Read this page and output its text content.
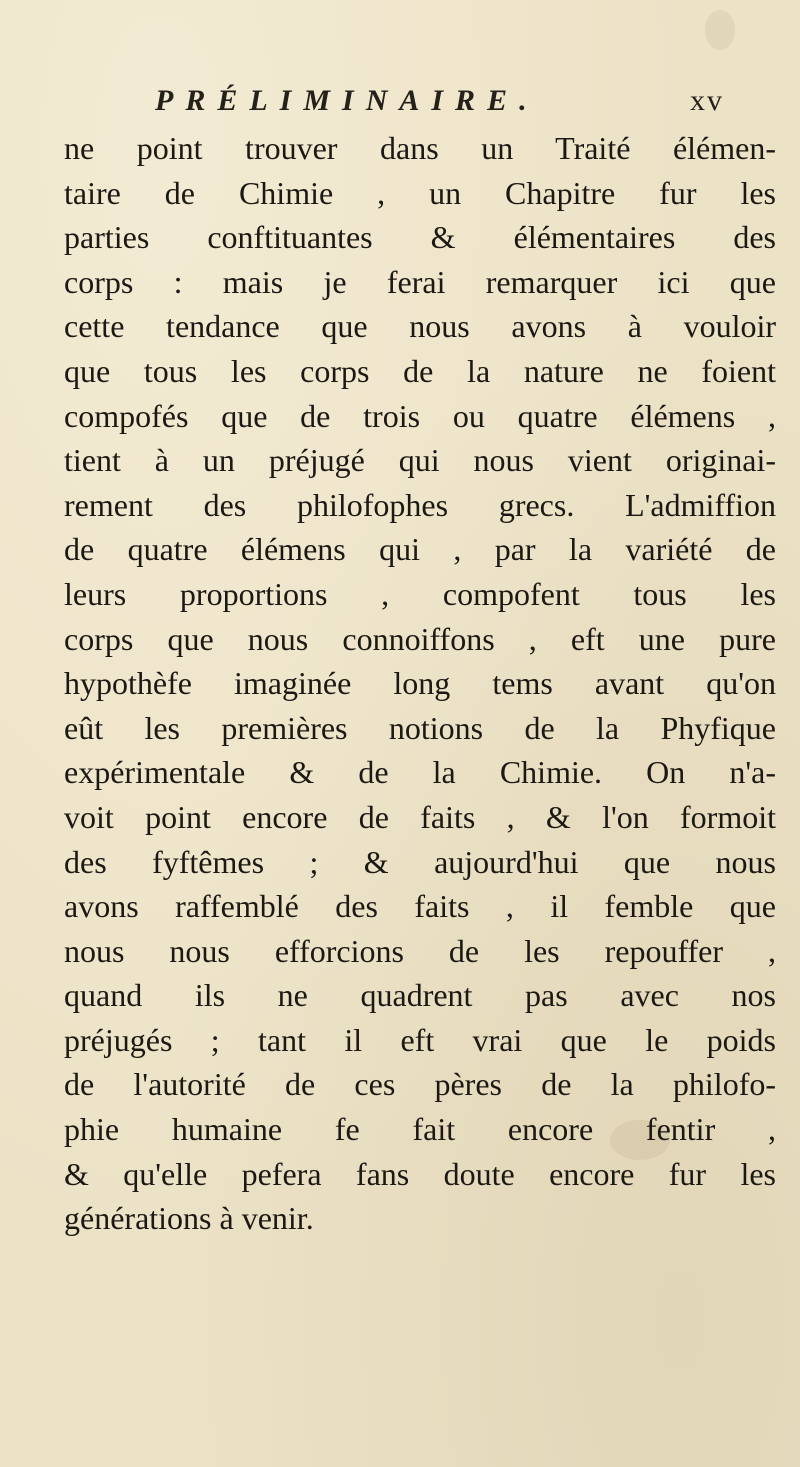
PRÉLIMINAIRE.	xv
ne point trouver dans un Traité élémen-
taire de Chimie , un Chapitre fur les
parties conftituantes & élémentaires des
corps : mais je ferai remarquer ici que
cette tendance que nous avons à vouloir
que tous les corps de la nature ne foient
compofés que de trois ou quatre élémens ,
tient à un préjugé qui nous vient originai-
rement des philofophes grecs. L'admiffion
de quatre élémens qui , par la variété de
leurs proportions , compofent tous les
corps que nous connoiffons , eft une pure
hypothèfe imaginée long tems avant qu'on
eût les premières notions de la Phyfique
expérimentale & de la Chimie. On n'a-
voit point encore de faits , & l'on formoit
des fyftêmes ; & aujourd'hui que nous
avons raffemblé des faits , il femble que
nous nous efforcions de les repouffer ,
quand ils ne quadrent pas avec nos
préjugés ; tant il eft vrai que le poids
de l'autorité de ces pères de la philofo-
phie humaine fe fait encore fentir ,
& qu'elle pefera fans doute encore fur les
générations à venir.
